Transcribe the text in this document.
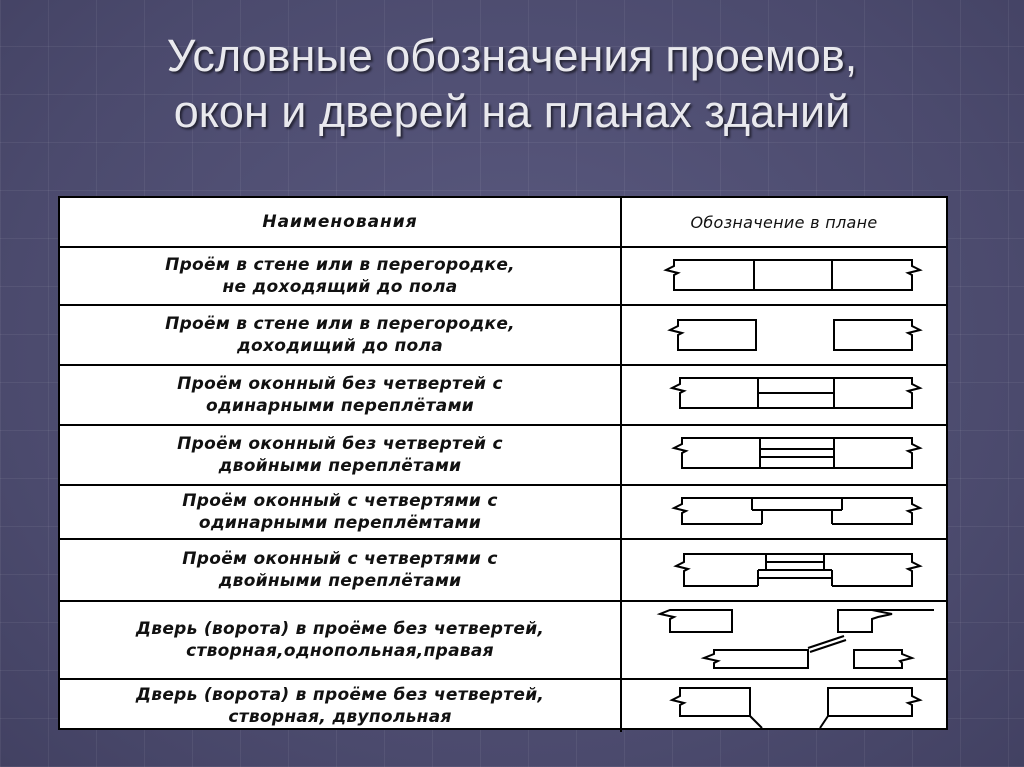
Условные обозначения проемов,
окон и дверей на планах зданий
Наименования	Обозначение в плане
Проём в стене или в перегородке,
не доходящий до пола
Проём в стене или в перегородке,
доходищий до пола
Проём оконный без четвертей с
одинарными переплётами
Проём оконный без четвертей с
двойными переплётами
Проём оконный с четвертями с
одинарными переплёмтами
Проём оконный с четвертями с
двойными переплётами
Дверь (ворота) в проёме без четвертей,
створная,однопольная,правая
Дверь (ворота) в проёме без четвертей,
створная, двупольная
